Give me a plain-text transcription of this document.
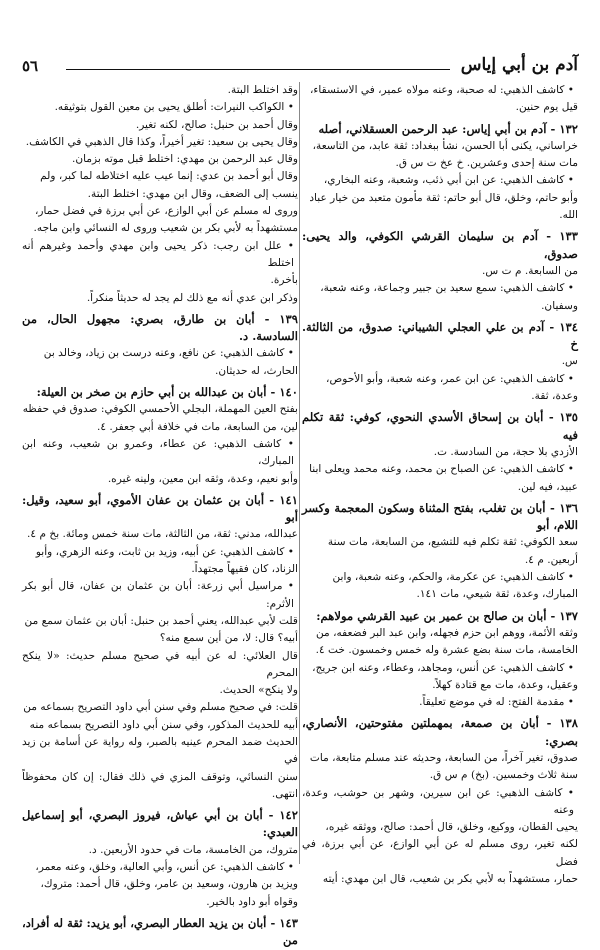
آدم بن أبي إياس
٥٦

• كاشف الذهبي: له صحبة، وعنه مولاه عمير، في الاستسقاء،

قيل يوم حنين.

١٣٢ - آدم بن أبي إياس: عبد الرحمن العسقلاني، أصله

خراساني، يكنى أبا الحسن، نشأ ببغداد: ثقة عابد، من التاسعة،

مات سنة إحدى وعشرين. خ عخ ت س ق.

• كاشف الذهبي: عن ابن أبي ذئب، وشعبة، وعنه البخاري،

وأبو حاتم، وخلق، قال أبو حاتم: ثقة مأمون متعبد من خيار عباد

الله.

١٣٣ - آدم بن سليمان القرشي الكوفي، والد يحيى: صدوق،

من السابعة. م ت س.

• كاشف الذهبي: سمع سعيد بن جبير وجماعة، وعنه شعبة،

وسفيان.

١٣٤ - آدم بن علي العجلي الشيباني: صدوق، من الثالثة. خ

س.

• كاشف الذهبي: عن ابن عمر، وعنه شعبة، وأبو الأحوص،

وعدة، ثقة.

١٣٥ - أبان بن إسحاق الأسدي النحوي، كوفي: ثقة تكلم فيه

الأزدي بلا حجة، من السادسة. ت.

• كاشف الذهبي: عن الصباح بن محمد، وعنه محمد ويعلى ابنا

عبيد، فيه لين.

١٣٦ - أبان بن تغلب، بفتح المثناة وسكون المعجمة وكسر اللام، أبو

سعد الكوفي: ثقة تكلم فيه للتشيع، من السابعة، مات سنة

أربعين. م ٤.

• كاشف الذهبي: عن عكرمة، والحكم، وعنه شعبة، وابن

المبارك، وعدة، ثقة شيعي، مات ١٤١.

١٣٧ - أبان بن صالح بن عمير بن عبيد القرشي مولاهم:

وثقه الأئمة، ووهم ابن حزم فجهله، وابن عبد البر فضعفه، من

الخامسة، مات سنة بضع عشرة وله خمس وخمسون. خت ٤.

• كاشف الذهبي: عن أنس، ومجاهد، وعطاء، وعنه ابن جريج،

وعقيل، وعدة، مات مع قتادة كهلاً.

• مقدمة الفتح: له في موضع تعليقاً.

١٣٨ - أبان بن صمعة، بمهملتين مفتوحتين، الأنصاري، بصري:

صدوق، تغير آخراً، من السابعة، وحديثه عند مسلم متابعة، مات

سنة ثلاث وخمسين. (بخ) م س ق.

• كاشف الذهبي: عن ابن سيرين، وشهر بن حوشب، وعدة، وعنه

يحيى القطان، ووكيع، وخلق، قال أحمد: صالح، ووثقه غيره،

لكنه تغير، روى مسلم له عن أبي الوازع، عن أبي برزة، في فضل

حمار، مستشهداً به لأبي بكر بن شعيب، قال ابن مهدي: أيته

وقد اختلط البتة.

• الكواكب النيرات: أطلق يحيى بن معين القول بتوثيقه.

وقال أحمد بن حنبل: صالح، لكنه تغير.

وقال يحيى بن سعيد: تغير أخيراً، وكذا قال الذهبي في الكاشف.

وقال عبد الرحمن بن مهدي: اختلط قبل موته بزمان.

وقال أبو أحمد بن عدي: إنما عيب عليه اختلاطه لما كبر، ولم

ينسب إلى الضعف، وقال ابن مهدي: اختلط البتة.

وروى له مسلم عن أبي الوازع، عن أبي برزة في فضل حمار،

مستشهداً به لأبي بكر بن شعيب وروى له النسائي وابن ماجه.

• علل ابن رجب: ذكر يحيى وابن مهدي وأحمد وغيرهم أنه اختلط

بأخرة.

وذكر ابن عدي أنه مع ذلك لم يجد له حديثاً منكراً.

١٣٩ - أبان بن طارق، بصري: مجهول الحال، من السادسة. د.

• كاشف الذهبي: عن نافع، وعنه درست بن زياد، وخالد بن

الحارث، له حديثان.

١٤٠ - أبان بن عبدالله بن أبي حازم بن صخر بن العيلة:

بفتح العين المهملة، البجلي الأحمسي الكوفي: صدوق في حفظه

لين، من السابعة، مات في خلافة أبي جعفر. ٤.

• كاشف الذهبي: عن عطاء، وعمرو بن شعيب، وعنه ابن المبارك،

وأبو نعيم، وعدة، وثقه ابن معين، ولينه غيره.

١٤١ - أبان بن عثمان بن عفان الأموي، أبو سعيد، وقيل: أبو

عبدالله، مدني: ثقة، من الثالثة، مات سنة خمس ومائة. بخ م ٤.

• كاشف الذهبي: عن أبيه، وزيد بن ثابت، وعنه الزهري، وأبو

الزناد، كان فقيهاً مجتهداً.

• مراسيل أبي زرعة: أبان بن عثمان بن عفان، قال أبو بكر الأثرم:

قلت لأبي عبدالله، يعني أحمد بن حنبل: أبان بن عثمان سمع من

أبيه؟ قال: لا، من أين سمع منه؟

قال العلائي: له عن أبيه في صحيح مسلم حديث: «لا ينكح المحرم

ولا ينكح» الحديث.

قلت: في صحيح مسلم وفي سنن أبي داود التصريح بسماعه من

أبيه للحديث المذكور، وفي سنن أبي داود التصريح بسماعه منه

الحديث ضمد المحرم عينيه بالصبر، وله رواية عن أسامة بن زيد في

سنن النسائي، وتوقف المزي في ذلك فقال: إن كان محفوظاً انتهى.

١٤٢ - أبان بن أبي عياش، فيروز البصري، أبو إسماعيل العبدي:

متروك، من الخامسة، مات في حدود الأربعين. د.

• كاشف الذهبي: عن أنس، وأبي العالية، وخلق، وعنه معمر،

ويزيد بن هارون، وسعيد بن عامر، وخلق، قال أحمد: متروك،

وقواه أبو داود بالخير.

١٤٣ - أبان بن يزيد العطار البصري، أبو يزيد: ثقة له أفراد، من
